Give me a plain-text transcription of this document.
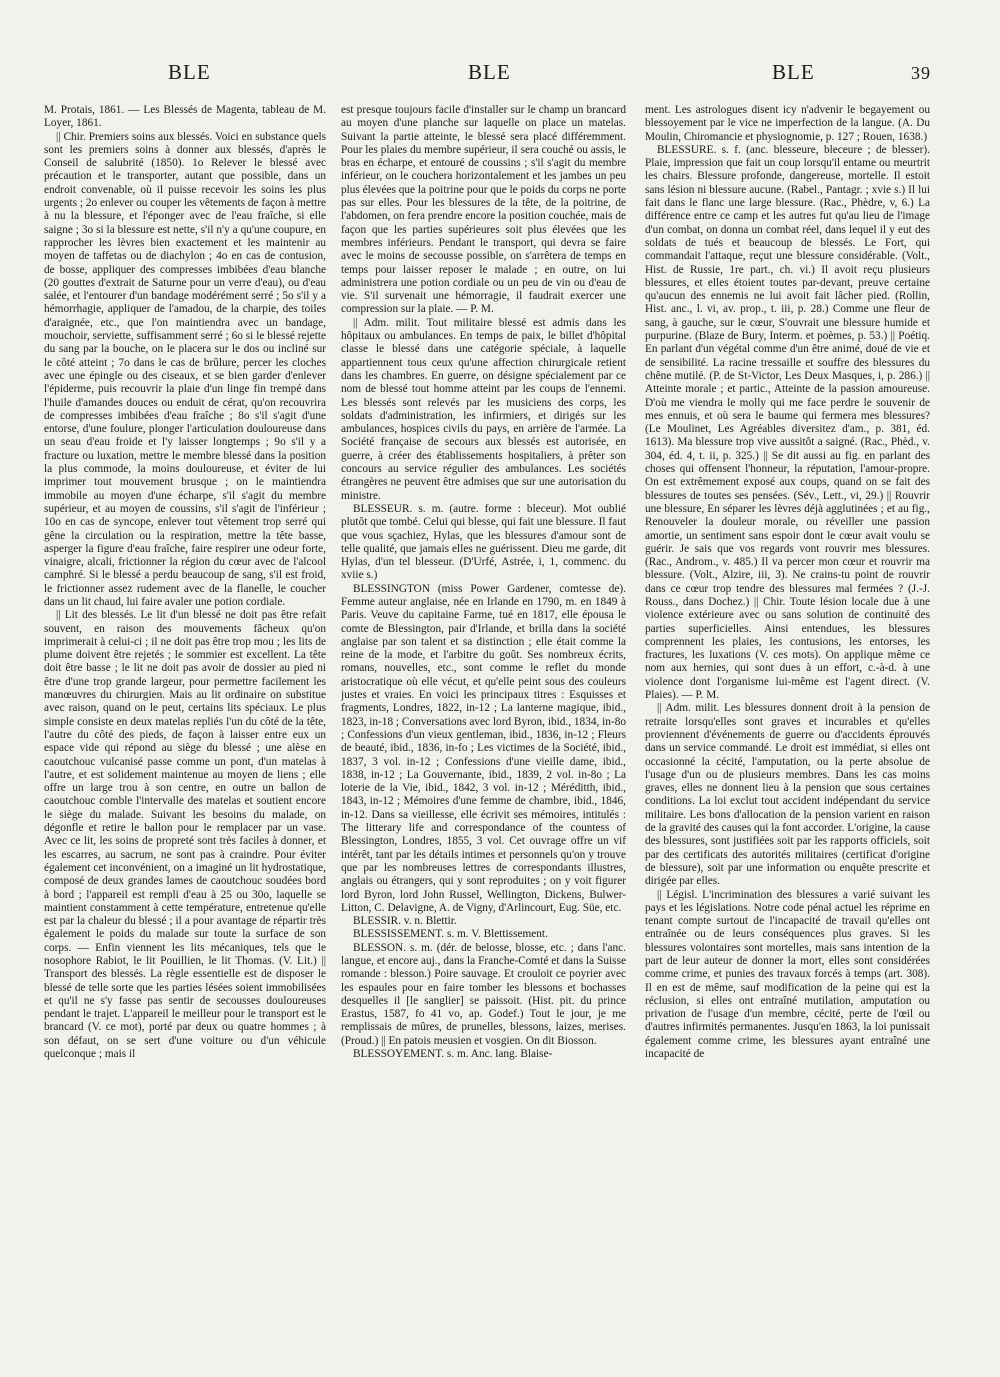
BLE	BLE	BLE	39

M. Protais, 1861. — Les Blessés de Magenta, tableau de M. Loyer, 1861.

|| Chir. Premiers soins aux blessés. Voici en substance quels sont les premiers soins à donner aux blessés, d'après le Conseil de salubrité (1850). 1o Relever le blessé avec précaution et le transporter, autant que possible, dans un endroit convenable, où il puisse recevoir les soins les plus urgents ; 2o enlever ou couper les vêtements de façon à mettre à nu la blessure, et l'éponger avec de l'eau fraîche, si elle saigne ; 3o si la blessure est nette, s'il n'y a qu'une coupure, en rapprocher les lèvres bien exactement et les maintenir au moyen de taffetas ou de diachylon ; 4o en cas de contusion, de bosse, appliquer des compresses imbibées d'eau blanche (20 gouttes d'extrait de Saturne pour un verre d'eau), ou d'eau salée, et l'entourer d'un bandage modérément serré ; 5o s'il y a hémorrhagie, appliquer de l'amadou, de la charpie, des toiles d'araignée, etc., que l'on maintiendra avec un bandage, mouchoir, serviette, suffisamment serré ; 6o si le blessé rejette du sang par la bouche, on le placera sur le dos ou incliné sur le côté atteint ; 7o dans le cas de brûlure, percer les cloches avec une épingle ou des ciseaux, et se bien garder d'enlever l'épiderme, puis recouvrir la plaie d'un linge fin trempé dans l'huile d'amandes douces ou enduit de cérat, qu'on recouvrira de compresses imbibées d'eau fraîche ; 8o s'il s'agit d'une entorse, d'une foulure, plonger l'articulation douloureuse dans un seau d'eau froide et l'y laisser longtemps ; 9o s'il y a fracture ou luxation, mettre le membre blessé dans la position la plus commode, la moins douloureuse, et éviter de lui imprimer tout mouvement brusque ; on le maintiendra immobile au moyen d'une écharpe, s'il s'agit du membre supérieur, et au moyen de coussins, s'il s'agit de l'inférieur ; 10o en cas de syncope, enlever tout vêtement trop serré qui gêne la circulation ou la respiration, mettre la tête basse, asperger la figure d'eau fraîche, faire respirer une odeur forte, vinaigre, alcali, frictionner la région du cœur avec de l'alcool camphré. Si le blessé a perdu beaucoup de sang, s'il est froid, le frictionner assez rudement avec de la flanelle, le coucher dans un lit chaud, lui faire avaler une potion cordiale.

|| Lit des blessés. Le lit d'un blessé ne doit pas être refait souvent, en raison des mouvements fâcheux qu'on imprimerait à celui-ci ; il ne doit pas être trop mou ; les lits de plume doivent être rejetés ; le sommier est excellent. La tête doit être basse ; le lit ne doit pas avoir de dossier au pied ni être d'une trop grande largeur, pour permettre facilement les manœuvres du chirurgien. Mais au lit ordinaire on substitue avec raison, quand on le peut, certains lits spéciaux. Le plus simple consiste en deux matelas repliés l'un du côté de la tête, l'autre du côté des pieds, de façon à laisser entre eux un espace vide qui répond au siège du blessé ; une alèse en caoutchouc vulcanisé passe comme un pont, d'un matelas à l'autre, et est solidement maintenue au moyen de liens ; elle offre un large trou à son centre, en outre un ballon de caoutchouc comble l'intervalle des matelas et soutient encore le siège du malade. Suivant les besoins du malade, on dégonfle et retire le ballon pour le remplacer par un vase. Avec ce lit, les soins de propreté sont très faciles à donner, et les escarres, au sacrum, ne sont pas à craindre. Pour éviter également cet inconvénient, on a imaginé un lit hydrostatique, composé de deux grandes lames de caoutchouc soudées bord à bord ; l'appareil est rempli d'eau à 25 ou 30o, laquelle se maintient constamment à cette température, entretenue qu'elle est par la chaleur du blessé ; il a pour avantage de répartir très également le poids du malade sur toute la surface de son corps. — Enfin viennent les lits mécaniques, tels que le nosophore Rabiot, le lit Pouillien, le lit Thomas. (V. Lit.) || Transport des blessés. La règle essentielle est de disposer le blessé de telle sorte que les parties lésées soient immobilisées et qu'il ne s'y fasse pas sentir de secousses douloureuses pendant le trajet. L'appareil le meilleur pour le transport est le brancard (V. ce mot), porté par deux ou quatre hommes ; à son défaut, on se sert d'une voiture ou d'un véhicule quelconque ; mais il

est presque toujours facile d'installer sur le champ un brancard au moyen d'une planche sur laquelle on place un matelas. Suivant la partie atteinte, le blessé sera placé différemment. Pour les plaies du membre supérieur, il sera couché ou assis, le bras en écharpe, et entouré de coussins ; s'il s'agit du membre inférieur, on le couchera horizontalement et les jambes un peu plus élevées que la poitrine pour que le poids du corps ne porte pas sur elles. Pour les blessures de la tête, de la poitrine, de l'abdomen, on fera prendre encore la position couchée, mais de façon que les parties supérieures soit plus élevées que les membres inférieurs. Pendant le transport, qui devra se faire avec le moins de secousse possible, on s'arrêtera de temps en temps pour laisser reposer le malade ; en outre, on lui administrera une potion cordiale ou un peu de vin ou d'eau de vie. S'il survenait une hémorragie, il faudrait exercer une compression sur la plaie. — P. M.

|| Adm. milit. Tout militaire blessé est admis dans les hôpitaux ou ambulances. En temps de paix, le billet d'hôpital classe le blessé dans une catégorie spéciale, à laquelle appartiennent tous ceux qu'une affection chirurgicale retient dans les chambres. En guerre, on désigne spécialement par ce nom de blessé tout homme atteint par les coups de l'ennemi. Les blessés sont relevés par les musiciens des corps, les soldats d'administration, les infirmiers, et dirigés sur les ambulances, hospices civils du pays, en arrière de l'armée. La Société française de secours aux blessés est autorisée, en guerre, à créer des établissements hospitaliers, à prêter son concours au service régulier des ambulances. Les sociétés étrangères ne peuvent être admises que sur une autorisation du ministre.

BLESSEUR. s. m. (autre. forme : bleceur). Mot oublié plutôt que tombé. Celui qui blesse, qui fait une blessure. Il faut que vous sçachiez, Hylas, que les blessures d'amour sont de telle qualité, que jamais elles ne guérissent. Dieu me garde, dit Hylas, d'un tel blesseur. (D'Urfé, Astrée, i, 1, commenc. du xviie s.)

BLESSINGTON (miss Power Gardener, comtesse de). Femme auteur anglaise, née en Irlande en 1790, m. en 1849 à Paris. Veuve du capitaine Farme, tué en 1817, elle épousa le comte de Blessington, pair d'Irlande, et brilla dans la société anglaise par son talent et sa distinction ; elle était comme la reine de la mode, et l'arbitre du goût. Ses nombreux écrits, romans, nouvelles, etc., sont comme le reflet du monde aristocratique où elle vécut, et qu'elle peint sous des couleurs justes et vraies. En voici les principaux titres : Esquisses et fragments, Londres, 1822, in-12 ; La lanterne magique, ibid., 1823, in-18 ; Conversations avec lord Byron, ibid., 1834, in-8o ; Confessions d'un vieux gentleman, ibid., 1836, in-12 ; Fleurs de beauté, ibid., 1836, in-fo ; Les victimes de la Société, ibid., 1837, 3 vol. in-12 ; Confessions d'une vieille dame, ibid., 1838, in-12 ; La Gouvernante, ibid., 1839, 2 vol. in-8o ; La loterie de la Vie, ibid., 1842, 3 vol. in-12 ; Méréditth, ibid., 1843, in-12 ; Mémoires d'une femme de chambre, ibid., 1846, in-12. Dans sa vieillesse, elle écrivit ses mémoires, intitulés : The litterary life and correspondance of the countess of Blessington, Londres, 1855, 3 vol. Cet ouvrage offre un vif intérêt, tant par les détails intimes et personnels qu'on y trouve que par les nombreuses lettres de correspondants illustres, anglais ou étrangers, qui y sont reproduites ; on y voit figurer lord Byron, lord John Russel, Wellington, Dickens, Bulwer-Litton, C. Delavigne, A. de Vigny, d'Arlincourt, Eug. Süe, etc.

BLESSIR. v. n. Blettir.

BLESSISSEMENT. s. m. V. Blettissement.

BLESSON. s. m. (dér. de belosse, blosse, etc. ; dans l'anc. langue, et encore auj., dans la Franche-Comté et dans la Suisse romande : blesson.) Poire sauvage. Et crouloit ce poyrier avec les espaules pour en faire tomber les blessons et bochasses desquelles il [le sanglier] se paissoit. (Hist. pit. du prince Erastus, 1587, fo 41 vo, ap. Godef.) Tout le jour, je me remplissais de mûres, de prunelles, blessons, laizes, merises. (Proud.) || En patois meusien et vosgien. On dit Biosson.

BLESSOYEMENT. s. m. Anc. lang. Blaise-

ment. Les astrologues disent icy n'advenir le begayement ou blessoyement par le vice ne imperfection de la langue. (A. Du Moulin, Chiromancie et physiognomie, p. 127 ; Rouen, 1638.)

BLESSURE. s. f. (anc. blesseure, bleceure ; de blesser). Plaie, impression que fait un coup lorsqu'il entame ou meurtrit les chairs. Blessure profonde, dangereuse, mortelle. Il estoit sans lésion ni blessure aucune. (Rabel., Pantagr. ; xvie s.) Il lui fait dans le flanc une large blessure. (Rac., Phèdre, v, 6.) La différence entre ce camp et les autres fut qu'au lieu de l'image d'un combat, on donna un combat réel, dans lequel il y eut des soldats de tués et beaucoup de blessés. Le Fort, qui commandait l'attaque, reçut une blessure considérable. (Volt., Hist. de Russie, 1re part., ch. vi.) Il avoit reçu plusieurs blessures, et elles étoient toutes par-devant, preuve certaine qu'aucun des ennemis ne lui avoit fait lâcher pied. (Rollin, Hist. anc., l. vi, av. prop., t. iii, p. 28.) Comme une fleur de sang, à gauche, sur le cœur, S'ouvrait une blessure humide et purpurine. (Blaze de Bury, Interm. et poèmes, p. 53.) || Poétiq. En parlant d'un végétal comme d'un être animé, doué de vie et de sensibilité. La racine tressaille et souffre des blessures du chêne mutilé. (P. de St-Victor, Les Deux Masques, i, p. 286.) || Atteinte morale ; et partic., Atteinte de la passion amoureuse. D'où me viendra le molly qui me face perdre le souvenir de mes ennuis, et où sera le baume qui fermera mes blessures? (Le Moulinet, Les Agréables diversitez d'am., p. 381, éd. 1613). Ma blessure trop vive aussitôt a saigné. (Rac., Phèd., v. 304, éd. 4, t. ii, p. 325.) || Se dit aussi au fig. en parlant des choses qui offensent l'honneur, la réputation, l'amour-propre. On est extrêmement exposé aux coups, quand on se fait des blessures de toutes ses pensées. (Sév., Lett., vi, 29.) || Rouvrir une blessure, En séparer les lèvres déjà agglutinées ; et au fig., Renouveler la douleur morale, ou réveiller une passion amortie, un sentiment sans espoir dont le cœur avait voulu se guérir. Je sais que vos regards vont rouvrir mes blessures. (Rac., Androm., v. 485.) Il va percer mon cœur et rouvrir ma blessure. (Volt., Alzire, iii, 3). Ne crains-tu point de rouvrir dans ce cœur trop tendre des blessures mal fermées ? (J.-J. Rouss., dans Dochez.) || Chir. Toute lésion locale due à une violence extérieure avec ou sans solution de continuité des parties superficielles. Ainsi entendues, les blessures comprennent les plaies, les contusions, les entorses, les fractures, les luxations (V. ces mots). On applique même ce nom aux hernies, qui sont dues à un effort, c.-à-d. à une violence dont l'organisme lui-même est l'agent direct. (V. Plaies). — P. M.

|| Adm. milit. Les blessures donnent droit à la pension de retraite lorsqu'elles sont graves et incurables et qu'elles proviennent d'événements de guerre ou d'accidents éprouvés dans un service commandé. Le droit est immédiat, si elles ont occasionné la cécité, l'amputation, ou la perte absolue de l'usage d'un ou de plusieurs membres. Dans les cas moins graves, elles ne donnent lieu à la pension que sous certaines conditions. La loi exclut tout accident indépendant du service militaire. Les bons d'allocation de la pension varient en raison de la gravité des causes qui la font accorder. L'origine, la cause des blessures, sont justifiées soit par les rapports officiels, soit par des certificats des autorités militaires (certificat d'origine de blessure), soit par une information ou enquête prescrite et dirigée par elles.

|| Législ. L'incrimination des blessures a varié suivant les pays et les législations. Notre code pénal actuel les réprime en tenant compte surtout de l'incapacité de travail qu'elles ont entraînée ou de leurs conséquences plus graves. Si les blessures volontaires sont mortelles, mais sans intention de la part de leur auteur de donner la mort, elles sont considérées comme crime, et punies des travaux forcés à temps (art. 308). Il en est de même, sauf modification de la peine qui est la réclusion, si elles ont entraîné mutilation, amputation ou privation de l'usage d'un membre, cécité, perte de l'œil ou d'autres infirmités permanentes. Jusqu'en 1863, la loi punissait également comme crime, les blessures ayant entraîné une incapacité de
